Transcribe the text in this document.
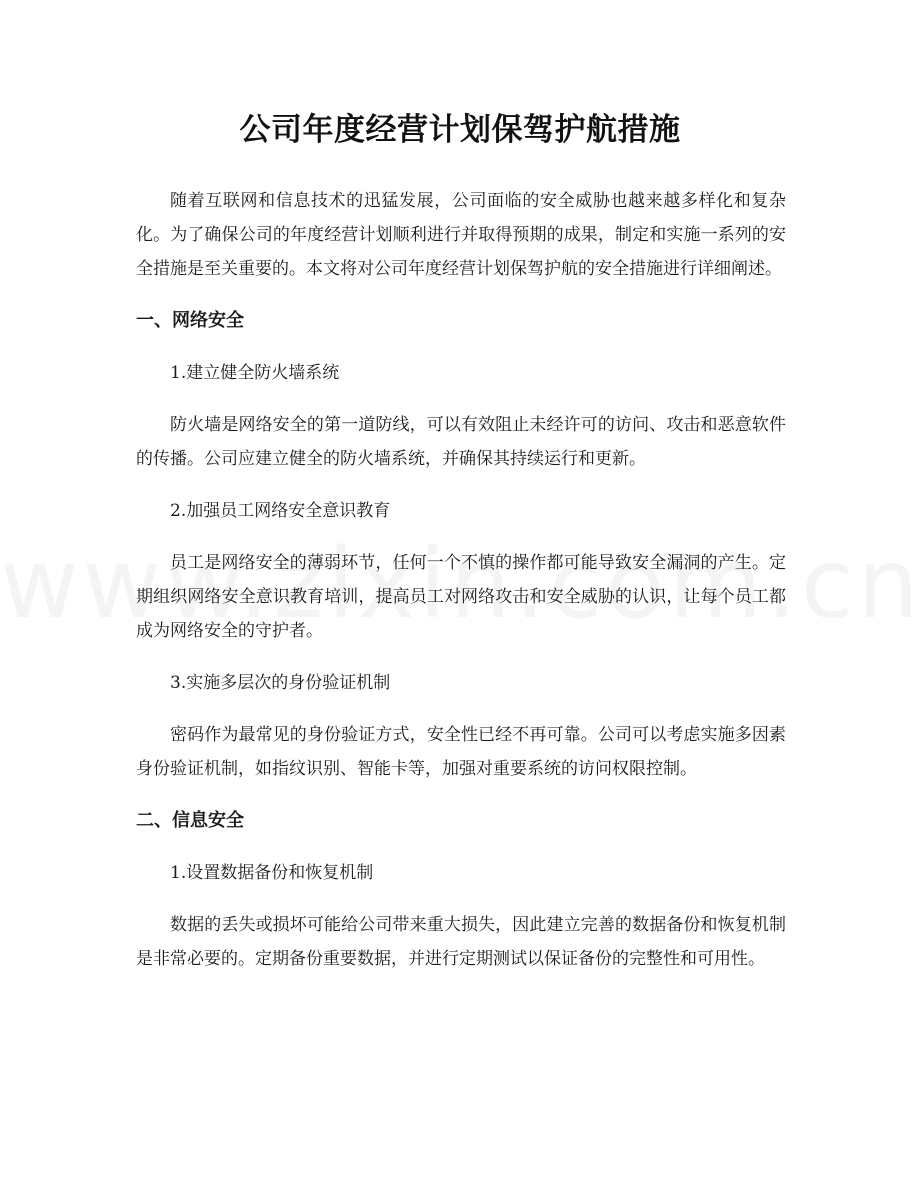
公司年度经营计划保驾护航措施

随着互联网和信息技术的迅猛发展，公司面临的安全威胁也越来越多样化和复杂化。为了确保公司的年度经营计划顺利进行并取得预期的成果，制定和实施一系列的安全措施是至关重要的。本文将对公司年度经营计划保驾护航的安全措施进行详细阐述。

一、网络安全
1.建立健全防火墙系统

防火墙是网络安全的第一道防线，可以有效阻止未经许可的访问、攻击和恶意软件的传播。公司应建立健全的防火墙系统，并确保其持续运行和更新。

2.加强员工网络安全意识教育

员工是网络安全的薄弱环节，任何一个不慎的操作都可能导致安全漏洞的产生。定期组织网络安全意识教育培训，提高员工对网络攻击和安全威胁的认识，让每个员工都成为网络安全的守护者。

3.实施多层次的身份验证机制

密码作为最常见的身份验证方式，安全性已经不再可靠。公司可以考虑实施多因素身份验证机制，如指纹识别、智能卡等，加强对重要系统的访问权限控制。

二、信息安全
1.设置数据备份和恢复机制

数据的丢失或损坏可能给公司带来重大损失，因此建立完善的数据备份和恢复机制是非常必要的。定期备份重要数据，并进行定期测试以保证备份的完整性和可用性。
